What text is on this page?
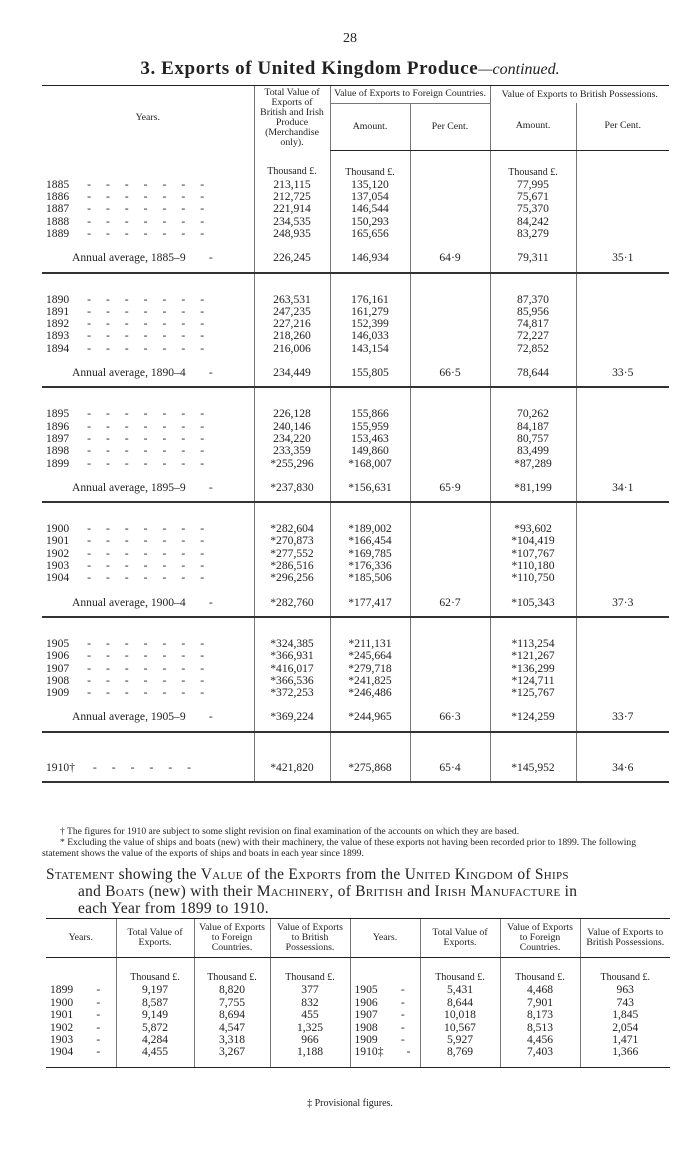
28
3. Exports of United Kingdom Produce—continued.
Years.	Total Value of Exports of British and Irish Produce (Merchandise only).	Value of Exports to Foreign Countries.		Value of Exports to British Possessions.	
		Amount.	Per Cent.	Amount.	Per Cent.
	Thousand £.	Thousand £.		Thousand £.	
1885 -------	213,115	135,120		77,995	
1886 -------	212,725	137,054		75,671	
1887 -------	221,914	146,544		75,370	
1888 -------	234,535	150,293		84,242	
1889 -------	248,935	165,656		83,279	
Annual average, 1885–9  -	226,245	146,934	64·9	79,311	35·1

1890 -------	263,531	176,161		87,370	
1891 -------	247,235	161,279		85,956	
1892 -------	227,216	152,399		74,817	
1893 -------	218,260	146,033		72,227	
1894 -------	216,006	143,154		72,852	
Annual average, 1890–4  -	234,449	155,805	66·5	78,644	33·5

1895 -------	226,128	155,866		70,262	
1896 -------	240,146	155,959		84,187	
1897 -------	234,220	153,463		80,757	
1898 -------	233,359	149,860		83,499	
1899 -------	*255,296	*168,007		*87,289	
Annual average, 1895–9  -	*237,830	*156,631	65·9	*81,199	34·1

1900 -------	*282,604	*189,002		*93,602	
1901 -------	*270,873	*166,454		*104,419	
1902 -------	*277,552	*169,785		*107,767	
1903 -------	*286,516	*176,336		*110,180	
1904 -------	*296,256	*185,506		*110,750	
Annual average, 1900–4  -	*282,760	*177,417	62·7	*105,343	37·3

1905 -------	*324,385	*211,131		*113,254	
1906 -------	*366,931	*245,664		*121,267	
1907 -------	*416,017	*279,718		*136,299	
1908 -------	*366,536	*241,825		*124,711	
1909 -------	*372,253	*246,486		*125,767	
Annual average, 1905–9  -	*369,224	*244,965	66·3	*124,259	33·7

1910† ------	*421,820	*275,868	65·4	*145,952	34·6

† The figures for 1910 are subject to some slight revision on final examination of the accounts on which they are based.

* Excluding the value of ships and boats (new) with their machinery, the value of these exports not having been recorded prior to 1899. The following statement shows the value of the exports of ships and boats in each year since 1899.

Statement showing the Value of the Exports from the United Kingdom of Ships
and Boats (new) with their Machinery, of British and Irish Manufacture in
each Year from 1899 to 1910.
Years.	Total Value of Exports.	Value of Exports to Foreign Countries.	Value of Exports to British Possessions.	Years.	Total Value of Exports.	Value of Exports to Foreign Countries.	Value of Exports to British Possessions.
	Thousand £.	Thousand £.	Thousand £.		Thousand £.	Thousand £.	Thousand £.
1899  -	9,197	8,820	377	1905  -	5,431	4,468	963
1900  -	8,587	7,755	832	1906  -	8,644	7,901	743
1901  -	9,149	8,694	455	1907  -	10,018	8,173	1,845
1902  -	5,872	4,547	1,325	1908  -	10,567	8,513	2,054
1903  -	4,284	3,318	966	1909  -	5,927	4,456	1,471
1904  -	4,455	3,267	1,188	1910‡  -	8,769	7,403	1,366
‡ Provisional figures.
